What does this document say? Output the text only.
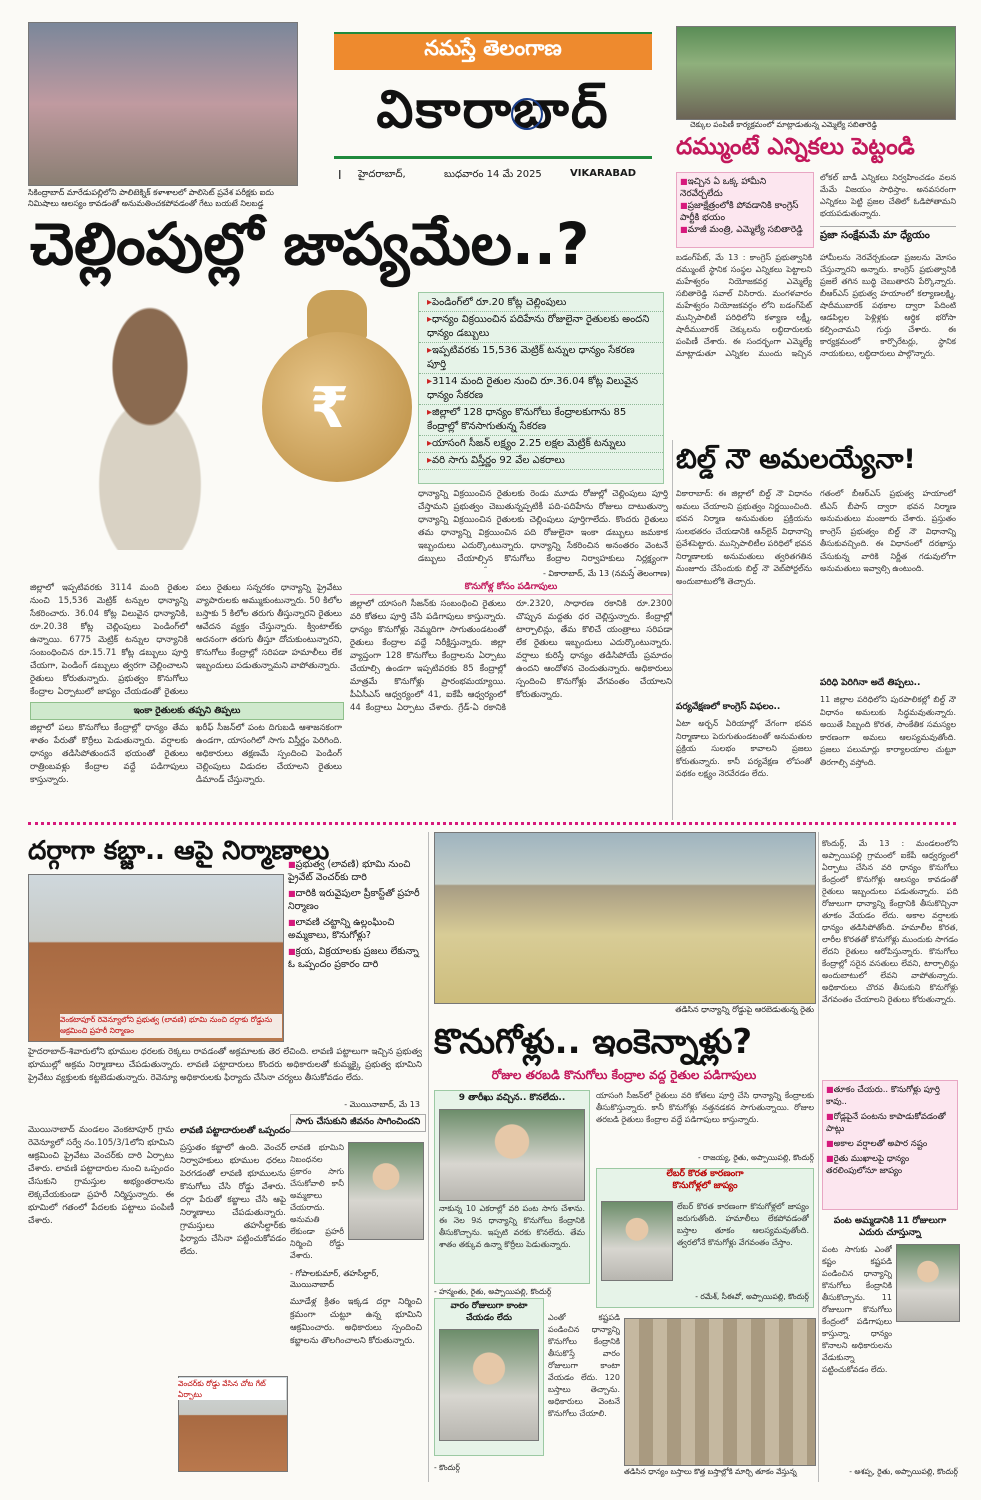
సికింద్రాబాద్ మారేడుపల్లిలోని పాలిటెక్నిక్ కళాశాలలో పాలిసెట్ ప్రవేశ పరీక్షకు ఐదు నిమిషాలు ఆలస్యం కావడంతో అనుమతించకపోవడంతో గేటు బయటే నిలబడ్డ
నమస్తే తెలంగాణ
వికారాబాద్
I హైదరాబాద్,	బుధవారం 14 మే 2025	VIKARABAD
చెక్కుల పంపిణీ కార్యక్రమంలో మాట్లాడుతున్న ఎమ్మెల్యే సబితారెడ్డి
దమ్ముంటే ఎన్నికలు పెట్టండి
■ ఇచ్చిన ఏ ఒక్క హామీని నెరవేర్చలేదు
■ ప్రజాక్షేత్రంలోకి పోవడానికి కాంగ్రెస్ పార్టీకి భయం
■ మాజీ మంత్రి, ఎమ్మెల్యే సబితారెడ్డి
లోకల్ బాడీ ఎన్నికలు నిర్వహించడం వలన మేమే విజయం సాధిస్తాం. అనవసరంగా ఎన్నికలు పెట్టి ప్రజల చేతిలో ఓడిపోతామని భయపడుతున్నారు.
ప్రజా సంక్షేమమే మా ధ్యేయం
బడంగ్‌పేట్, మే 13 : కాంగ్రెస్ ప్రభుత్వానికి దమ్ముంటే స్థానిక సంస్థల ఎన్నికలు పెట్టాలని మహేశ్వరం నియోజకవర్గ ఎమ్మెల్యే సబితారెడ్డి సవాల్ విసిరారు. మంగళవారం మహేశ్వరం నియోజకవర్గం లోని బడంగ్‌పేట్ మున్సిపాలిటీ పరిధిలోని కళ్యాణ లక్ష్మీ, షాదీముబారక్ చెక్కులను లబ్ధిదారులకు పంపిణీ చేశారు. ఈ సందర్భంగా ఎమ్మెల్యే మాట్లాడుతూ ఎన్నికల ముందు ఇచ్చిన హామీలను నెరవేర్చకుండా ప్రజలను మోసం చేస్తున్నారని అన్నారు. కాంగ్రెస్ ప్రభుత్వానికి ప్రజలే తగిన బుద్ధి చెబుతారని పేర్కొన్నారు. బీఆర్ఎస్ ప్రభుత్వ హయాంలో కల్యాణలక్ష్మి, షాదీముబారక్ పథకాల ద్వారా పేదింటి ఆడపిల్లల పెళ్లిళ్లకు ఆర్థిక భరోసా కల్పించామని గుర్తు చేశారు. ఈ కార్యక్రమంలో కార్పొరేటర్లు, స్థానిక నాయకులు, లబ్ధిదారులు పాల్గొన్నారు.
చెల్లింపుల్లో జాప్యమేల..?
₹
▸ పెండింగ్‌లో రూ.20 కోట్ల చెల్లింపులు
▸ ధాన్యం విక్రయించిన పదిహేను రోజులైనా రైతులకు అందని ధాన్యం డబ్బులు
▸ ఇప్పటివరకు 15,536 మెట్రిక్ టన్నుల ధాన్యం సేకరణ పూర్తి
▸ 3114 మంది రైతుల నుంచి రూ.36.04 కోట్ల విలువైన ధాన్యం సేకరణ
▸ జిల్లాలో 128 ధాన్యం కొనుగోలు కేంద్రాలకుగాను 85 కేంద్రాల్లో కొనసాగుతున్న సేకరణ
▸ యాసంగి సీజన్ లక్ష్యం 2.25 లక్షల మెట్రిక్ టన్నులు
▸ వరి సాగు విస్తీర్ణం 92 వేల ఎకరాలు
ధాన్యాన్ని విక్రయించిన రైతులకు రెండు మూడు రోజుల్లో చెల్లింపులు పూర్తి చేస్తామని ప్రభుత్వం చెబుతున్నప్పటికీ పది-పదిహేను రోజులు దాటుతున్నా ధాన్యాన్ని విక్రయించిన రైతులకు చెల్లింపులు పూర్తిగాలేదు. కొందరు రైతులు తమ ధాన్యాన్ని విక్రయించిన పది రోజులైనా ఇంకా డబ్బులు జమకాక ఇబ్బందులు ఎదుర్కొంటున్నారు. ధాన్యాన్ని సేకరించిన అనంతరం వెంటనే డబ్బులు చేయాల్సిన కొనుగోలు కేంద్రాల నిర్వాహకులు నిర్లక్ష్యంగా
- వికారాబాద్, మే 13 (నమస్తే తెలంగాణ)
జిల్లాలో ఇప్పటివరకు 3114 మంది రైతుల నుంచి 15,536 మెట్రిక్ టన్నుల ధాన్యాన్ని సేకరించారు. 36.04 కోట్ల విలువైన ధాన్యానికి, రూ.20.38 కోట్ల చెల్లింపులు పెండింగ్‌లో ఉన్నాయి. 6775 మెట్రిక్ టన్నుల ధాన్యానికి సంబంధించిన రూ.15.71 కోట్ల డబ్బులు పూర్తి చేయగా, పెండింగ్ డబ్బులు త్వరగా చెల్లించాలని రైతులు కోరుతున్నారు. ప్రభుత్వం కొనుగోలు కేంద్రాల ఏర్పాటులో జాప్యం చేయడంతో రైతులు
పలు రైతులు సన్నరకం ధాన్యాన్ని ప్రైవేటు వ్యాపారులకు అమ్ముకుంటున్నారు. 50 కిలోల బస్తాకు 5 కిలోల తరుగు తీస్తున్నారని రైతులు ఆవేదన వ్యక్తం చేస్తున్నారు. క్వింటాల్‌కు అదనంగా తరుగు తీస్తూ దోచుకుంటున్నారని, కొనుగోలు కేంద్రాల్లో సరిపడా హమాలీలు లేక ఇబ్బందులు పడుతున్నామని వాపోతున్నారు.
ఇంకా రైతులకు తప్పని తిప్పలు
జిల్లాలో పలు కొనుగోలు కేంద్రాల్లో ధాన్యం తేమ శాతం పేరుతో కొర్రీలు పెడుతున్నారు. వర్షాలకు ధాన్యం తడిసిపోతుందనే భయంతో రైతులు రాత్రింబవళ్లు కేంద్రాల వద్దే పడిగాపులు కాస్తున్నారు.
ఖరీఫ్ సీజన్‌లో పంట దిగుబడి ఆశాజనకంగా ఉండగా, యాసంగిలో సాగు విస్తీర్ణం పెరిగింది. అధికారులు తక్షణమే స్పందించి పెండింగ్ చెల్లింపులు విడుదల చేయాలని రైతులు డిమాండ్ చేస్తున్నారు.
కొనుగోళ్ల కోసం పడిగాపులు
జిల్లాలో యాసంగి సీజన్‌కు సంబంధించి రైతులు వరి కోతలు పూర్తి చేసి పడిగాపులు కాస్తున్నారు. ధాన్యం కొనుగోళ్లు నెమ్మదిగా సాగుతుండటంతో రైతులు కేంద్రాల వద్దే నిరీక్షిస్తున్నారు. జిల్లా వ్యాప్తంగా 128 కొనుగోలు కేంద్రాలను ఏర్పాటు చేయాల్సి ఉండగా ఇప్పటివరకు 85 కేంద్రాల్లో మాత్రమే కొనుగోళ్లు ప్రారంభమయ్యాయి. పీఏసీఎస్ ఆధ్వర్యంలో 41, ఐకేపీ ఆధ్వర్యంలో 44 కేంద్రాలు ఏర్పాటు చేశారు. గ్రేడ్-ఏ రకానికి రూ.2320, సాధారణ రకానికి రూ.2300 చొప్పున మద్దతు ధర చెల్లిస్తున్నారు. కేంద్రాల్లో టార్పాలిన్లు, తేమ కొలిచే యంత్రాలు సరిపడా లేక రైతులు ఇబ్బందులు ఎదుర్కొంటున్నారు. వర్షాలు కురిస్తే ధాన్యం తడిసిపోయే ప్రమాదం ఉందని ఆందోళన చెందుతున్నారు. అధికారులు స్పందించి కొనుగోళ్లు వేగవంతం చేయాలని కోరుతున్నారు.
బిల్డ్ నౌ అమలయ్యేనా!
వికారాబాద్: ఈ జిల్లాలో బిల్డ్ నౌ విధానం అమలు చేయాలని ప్రభుత్వం నిర్ణయించింది. భవన నిర్మాణ అనుమతుల ప్రక్రియను సులభతరం చేయడానికి ఆన్‌లైన్ విధానాన్ని ప్రవేశపెట్టారు. మున్సిపాలిటీల పరిధిలో భవన నిర్మాణాలకు అనుమతులు త్వరితగతిన మంజూరు చేసేందుకు బిల్డ్ నౌ వెబ్‌పోర్టల్‌ను అందుబాటులోకి తెచ్చారు.
గతంలో బీఆర్ఎస్ ప్రభుత్వ హయాంలో టీఎస్ బీపాస్ ద్వారా భవన నిర్మాణ అనుమతులు మంజూరు చేశారు. ప్రస్తుతం కాంగ్రెస్ ప్రభుత్వం బిల్డ్ నౌ విధానాన్ని తీసుకువచ్చింది. ఈ విధానంలో దరఖాస్తు చేసుకున్న వారికి నిర్ణీత గడువులోగా అనుమతులు ఇవ్వాల్సి ఉంటుంది.
పరిధి పెరిగినా అదే తిప్పలు..
11 జిల్లాల పరిధిలోని పురపాలికల్లో బిల్డ్ నౌ విధానం అమలుకు సిద్ధమవుతున్నారు. అయితే సిబ్బంది కొరత, సాంకేతిక సమస్యల కారణంగా అమలు ఆలస్యమవుతోంది. ప్రజలు పలుమార్లు కార్యాలయాల చుట్టూ తిరగాల్సి వస్తోంది.
పర్యవేక్షణలో కాంగ్రెస్ విఫలం..
ఏటా అర్బన్ ఏరియాల్లో వేగంగా భవన నిర్మాణాలు పెరుగుతుండటంతో అనుమతుల ప్రక్రియ సులభం కావాలని ప్రజలు కోరుతున్నారు. కానీ పర్యవేక్షణ లోపంతో పథకం లక్ష్యం నెరవేరడం లేదు.
దర్గాగా కబ్జా.. ఆపై నిర్మాణాలు
వెంకటాపూర్ రెవెన్యూలోని ప్రభుత్వ (లావణి) భూమి నుంచి దర్గాకు రోడ్డును ఆక్రమించి ప్రహరీ నిర్మాణం
■ ప్రభుత్వ (లావణి) భూమి నుంచి ప్రైవేట్ వెంచర్‌కు దారి
■ దారికి ఇరువైపులా ప్రీకాస్ట్‌తో ప్రహరీ నిర్మాణం
■ లావణి చట్టాన్ని ఉల్లంఘించి అమ్మకాలు, కొనుగోళ్లు?
■ క్రయ, విక్రయాలకు ప్రజలు లేకున్నా ఓ ఒప్పందం ప్రకారం దారి
హైదరాబాద్-శివారులోని భూముల ధరలకు రెక్కలు రావడంతో అక్రమాలకు తెర లేచింది. లావణి పట్టాలుగా ఇచ్చిన ప్రభుత్వ భూముల్లో అక్రమ నిర్మాణాలు చేపడుతున్నారు. లావణి పట్టాదారులు కొందరు అధికారులతో కుమ్మక్కై ప్రభుత్వ భూమిని ప్రైవేటు వ్యక్తులకు కట్టబెడుతున్నారు. రెవెన్యూ అధికారులకు ఫిర్యాదు చేసినా చర్యలు తీసుకోవడం లేదు.
- మొయినాబాద్, మే 13
సాగు చేసుకుని జీవనం సాగించిందని
లావణి భూమిని నిబంధనల ప్రకారం సాగు చేసుకోవాలి కానీ అమ్మకాలు చేయరాదు. అనుమతి లేకుండా ప్రహరీ నిర్మించి రోడ్డు వేశారు.
- గోపాలకుమార్, తహసీల్దార్, మొయినాబాద్
లావణి పట్టాదారులతో ఒప్పందం
మొయినాబాద్ మండలం వెంకటాపూర్ గ్రామ రెవెన్యూలో సర్వే నం.105/3/1లోని భూమిని ఆక్రమించి ప్రైవేటు వెంచర్‌కు దారి ఏర్పాటు చేశారు. లావణి పట్టాదారుల నుంచి ఒప్పందం చేసుకుని గ్రామస్తుల అభ్యంతరాలను లెక్కచేయకుండా ప్రహరీ నిర్మిస్తున్నారు. ఈ భూమిలో గతంలో పేదలకు పట్టాలు పంపిణీ చేశారు.
ప్రస్తుతం కబ్జాలో ఉంది. వెంచర్ నిర్వాహకులు భూముల ధరలు పెరగడంతో లావణి భూములను కొనుగోలు చేసి రోడ్డు వేశారు. దర్గా పేరుతో కబ్జాలు చేసి ఆపై నిర్మాణాలు చేపడుతున్నారు. గ్రామస్తులు తహసీల్దార్‌కు ఫిర్యాదు చేసినా పట్టించుకోవడం లేదు.
మూడేళ్ల క్రితం ఇక్కడ దర్గా నిర్మించి క్రమంగా చుట్టూ ఉన్న భూమిని ఆక్రమించారు. అధికారులు స్పందించి కబ్జాలను తొలగించాలని కోరుతున్నారు.
వెంచర్‌కు రోడ్డు వేసిన చోట గేట్ ఏర్పాటు
తడిసిన ధాన్యాన్ని రోడ్డుపై ఆరబెడుతున్న రైతు
కొనుగోళ్లు.. ఇంకెన్నాళ్లు?
రోజుల తరబడి కొనుగోలు కేంద్రాల వద్ద రైతుల పడిగాపులు
9 తారీఖు వచ్చిన.. కొనలేదు..
నాకున్న 10 ఎకరాల్లో వరి పంట సాగు చేశాను. ఈ నెల 9న ధాన్యాన్ని కొనుగోలు కేంద్రానికి తీసుకొచ్చాను. ఇప్పటి వరకు కొనలేదు. తేమ శాతం తక్కువ ఉన్నా కొర్రీలు పెడుతున్నారు.
- హన్మంతు, రైతు, అప్పాయిపల్లి, కొందుర్గ్
యాసంగి సీజన్‌లో రైతులు వరి కోతలు పూర్తి చేసి ధాన్యాన్ని కేంద్రాలకు తీసుకొస్తున్నారు. కానీ కొనుగోళ్లు నత్తనడకన సాగుతున్నాయి. రోజుల తరబడి రైతులు కేంద్రాల వద్దే పడిగాపులు కాస్తున్నారు.
- రాజయ్య, రైతు, అప్పాయిపల్లి, కొందుర్గ్
లేబర్ కొరత కారణంగా
కొనుగోళ్లలో జాప్యం
లేబర్ కొరత కారణంగా కొనుగోళ్లలో జాప్యం జరుగుతోంది. హమాలీలు లేకపోవడంతో బస్తాల తూకం ఆలస్యమవుతోంది. త్వరలోనే కొనుగోళ్లు వేగవంతం చేస్తాం.
- రమేశ్, సీఈవో, అప్పాయిపల్లి, కొందుర్గ్
వారం రోజులుగా కాంటా చేయడం లేదు	ఎంతో కష్టపడి పండించిన ధాన్యాన్ని కొనుగోలు కేంద్రానికి తీసుకొస్తే వారం రోజులుగా కాంటా వేయడం లేదు. 120 బస్తాలు తెచ్చాను. అధికారులు వెంటనే కొనుగోలు చేయాలి.
- కొందుర్గ్	తడిసిన ధాన్యం బస్తాలు కొత్త బస్తాల్లోకి మార్చి తూకం వేస్తున్న
కొందుర్గ్, మే 13 : మండలంలోని అప్పాయిపల్లి గ్రామంలో ఐకేపీ ఆధ్వర్యంలో ఏర్పాటు చేసిన వరి ధాన్యం కొనుగోలు కేంద్రంలో కొనుగోళ్లు ఆలస్యం కావడంతో రైతులు ఇబ్బందులు పడుతున్నారు. పది రోజులుగా ధాన్యాన్ని కేంద్రానికి తీసుకొచ్చినా తూకం వేయడం లేదు. అకాల వర్షాలకు ధాన్యం తడిసిపోతోంది. హమాలీల కొరత, లారీల కొరతతో కొనుగోళ్లు ముందుకు సాగడం లేదని రైతులు ఆరోపిస్తున్నారు. కొనుగోలు కేంద్రాల్లో సరైన వసతులు లేవని, టార్పాలిన్లు అందుబాటులో లేవని వాపోతున్నారు. అధికారులు చొరవ తీసుకుని కొనుగోళ్లు వేగవంతం చేయాలని రైతులు కోరుతున్నారు.
■ తూకం చేయరు.. కొనుగోళ్లు పూర్తి కావు..
■ రోడ్లపైనే పంటను కాపాడుకోవడంతో పాట్లు
■ అకాల వర్షాలతో అపార నష్టం
■ రైతు ముఖాలపై ధాన్యం తరలింపులోనూ జాప్యం
పంట అమ్మడానికి 11 రోజులుగా ఎదురు చూస్తున్నా
పంట సాగుకు ఎంతో కష్టం కష్టపడి పండించిన ధాన్యాన్ని కొనుగోలు కేంద్రానికి తీసుకొచ్చాను. 11 రోజులుగా కొనుగోలు కేంద్రంలో పడిగాపులు కాస్తున్నా. ధాన్యం కొనాలని అధికారులను వేడుకున్నా పట్టించుకోవడం లేదు.
- అశప్ప, రైతు, అప్పాయిపల్లి, కొందుర్గ్
